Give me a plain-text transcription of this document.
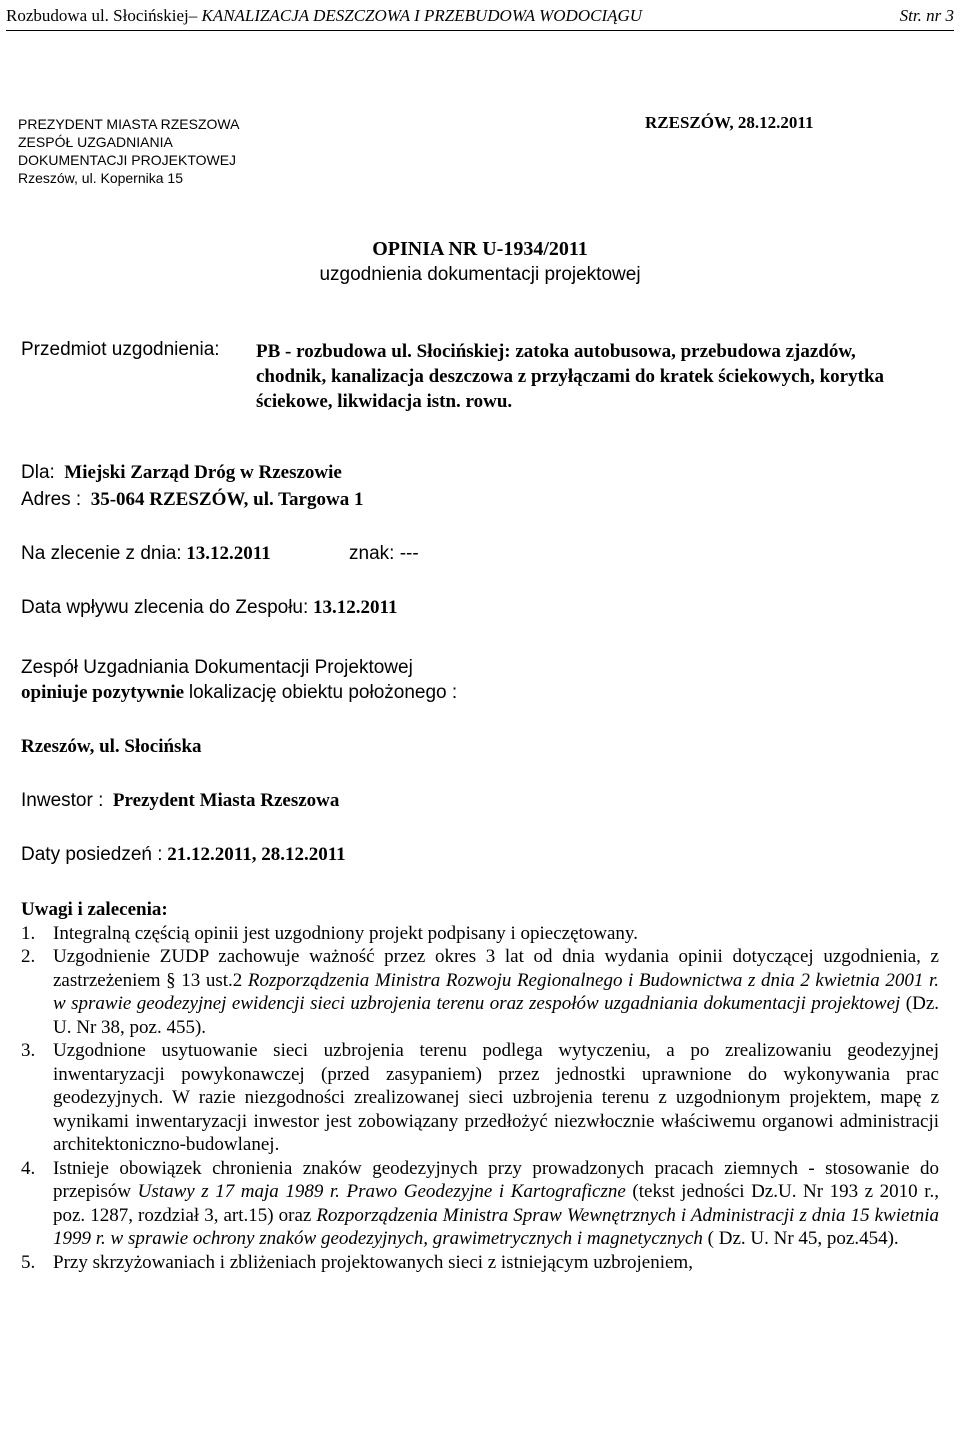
Rozbudowa ul. Słocińskiej– KANALIZACJA DESZCZOWA I PRZEBUDOWA WODOCIĄGU	Str. nr 3
PREZYDENT MIASTA RZESZOWA
ZESPÓŁ UZGADNIANIA
DOKUMENTACJI PROJEKTOWEJ
Rzeszów, ul. Kopernika 15
RZESZÓW, 28.12.2011
OPINIA NR U-1934/2011
uzgodnienia dokumentacji projektowej
Przedmiot uzgodnienia: PB - rozbudowa ul. Słocińskiej: zatoka autobusowa, przebudowa zjazdów, chodnik, kanalizacja deszczowa z przyłączami do kratek ściekowych, korytka ściekowe, likwidacja istn. rowu.
Dla: Miejski Zarząd Dróg w Rzeszowie
Adres : 35-064 RZESZÓW, ul. Targowa 1
Na zlecenie z dnia: 13.12.2011	znak: ---
Data wpływu zlecenia do Zespołu: 13.12.2011
Zespół Uzgadniania Dokumentacji Projektowej
opiniuje pozytywnie lokalizację obiektu położonego :
Rzeszów, ul. Słocińska
Inwestor : Prezydent Miasta Rzeszowa
Daty posiedzeń : 21.12.2011, 28.12.2011
Uwagi i zalecenia:
1. Integralną częścią opinii jest uzgodniony projekt podpisany i opieczętowany.
2. Uzgodnienie ZUDP zachowuje ważność przez okres 3 lat od dnia wydania opinii dotyczącej uzgodnienia, z zastrzeżeniem § 13 ust.2 Rozporządzenia Ministra Rozwoju Regionalnego i Budownictwa z dnia 2 kwietnia 2001 r. w sprawie geodezyjnej ewidencji sieci uzbrojenia terenu oraz zespołów uzgadniania dokumentacji projektowej (Dz. U. Nr 38, poz. 455).
3. Uzgodnione usytuowanie sieci uzbrojenia terenu podlega wytyczeniu, a po zrealizowaniu geodezyjnej inwentaryzacji powykonawczej (przed zasypaniem) przez jednostki uprawnione do wykonywania prac geodezyjnych. W razie niezgodności zrealizowanej sieci uzbrojenia terenu z uzgodnionym projektem, mapę z wynikami inwentaryzacji inwestor jest zobowiązany przedłożyć niezwłocznie właściwemu organowi administracji architektoniczno-budowlanej.
4. Istnieje obowiązek chronienia znaków geodezyjnych przy prowadzonych pracach ziemnych - stosowanie do przepisów Ustawy z 17 maja 1989 r. Prawo Geodezyjne i Kartograficzne (tekst jedności Dz.U. Nr 193 z 2010 r., poz. 1287, rozdział 3, art.15) oraz Rozporządzenia Ministra Spraw Wewnętrznych i Administracji z dnia 15 kwietnia 1999 r. w sprawie ochrony znaków geodezyjnych, grawimetrycznych i magnetycznych ( Dz. U. Nr 45, poz.454).
5. Przy skrzyżowaniach i zbliżeniach projektowanych sieci z istniejącym uzbrojeniem,
